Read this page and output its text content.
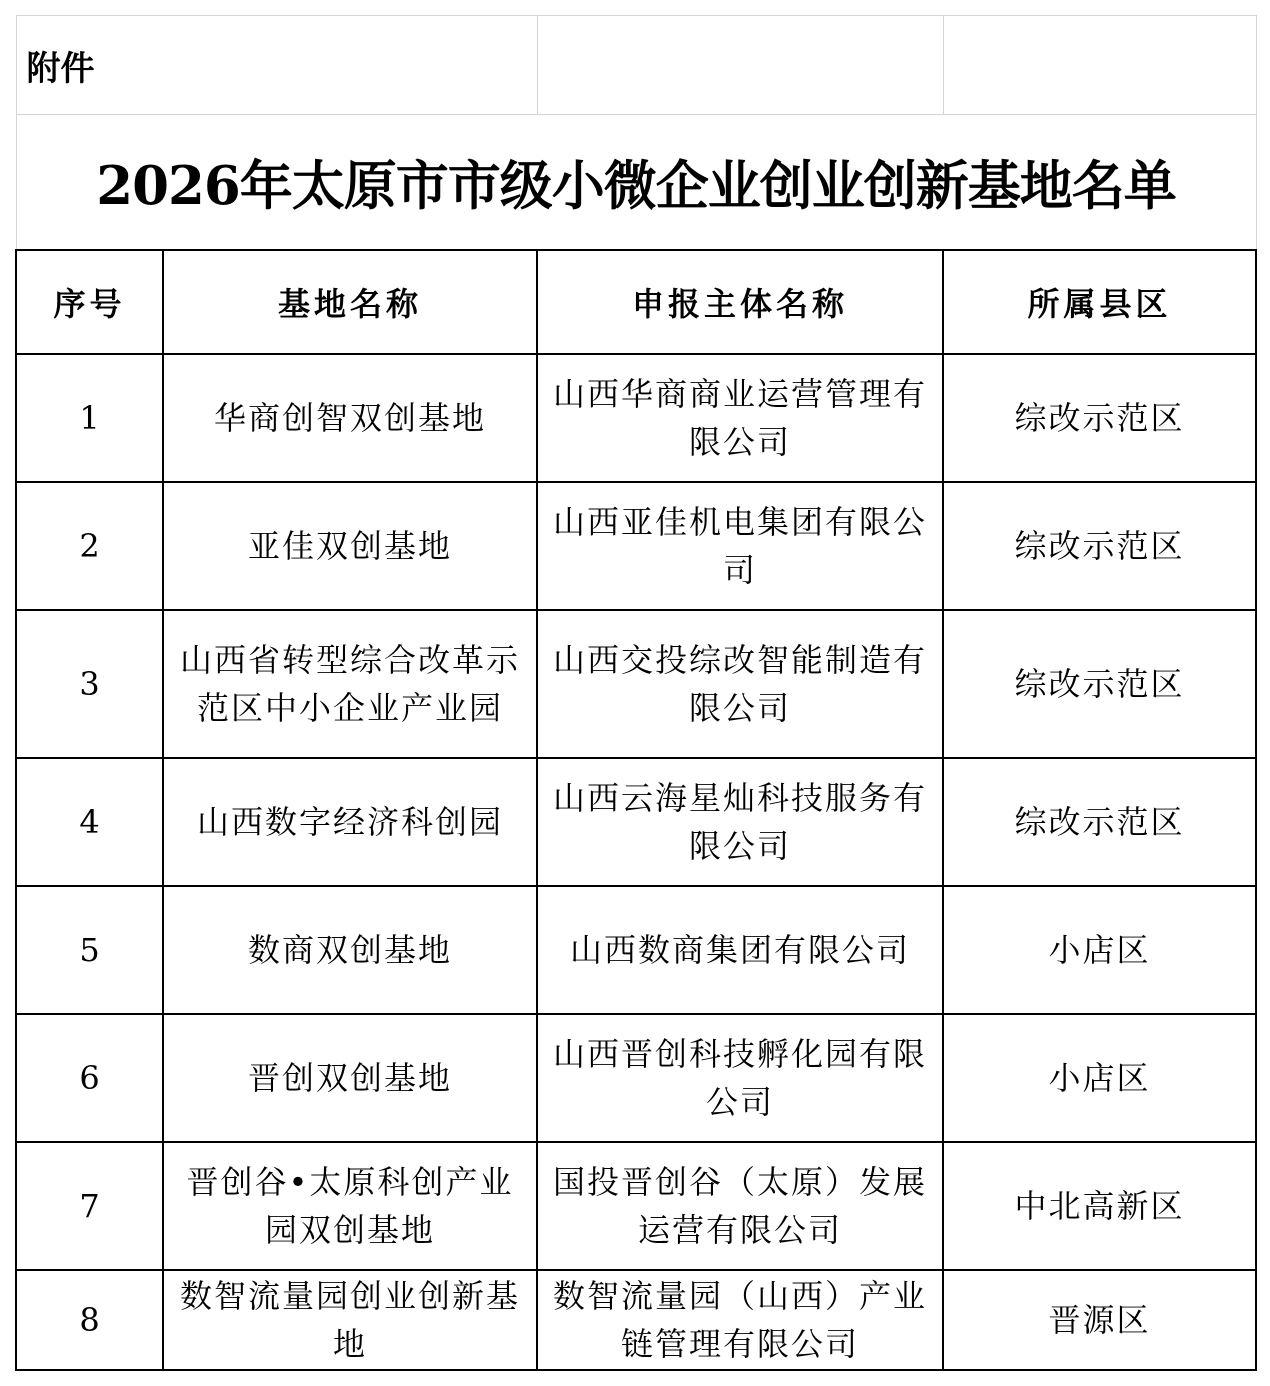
附件			
2026年太原市市级小微企业创业创新基地名单			
序号	基地名称	申报主体名称	所属县区
1	华商创智双创基地	山西华商商业运营管理有限公司	综改示范区
2	亚佳双创基地	山西亚佳机电集团有限公司	综改示范区
3	山西省转型综合改革示范区中小企业产业园	山西交投综改智能制造有限公司	综改示范区
4	山西数字经济科创园	山西云海星灿科技服务有限公司	综改示范区
5	数商双创基地	山西数商集团有限公司	小店区
6	晋创双创基地	山西晋创科技孵化园有限公司	小店区
7	晋创谷•太原科创产业园双创基地	国投晋创谷（太原）发展运营有限公司	中北高新区
8	数智流量园创业创新基地	数智流量园（山西）产业链管理有限公司	晋源区
